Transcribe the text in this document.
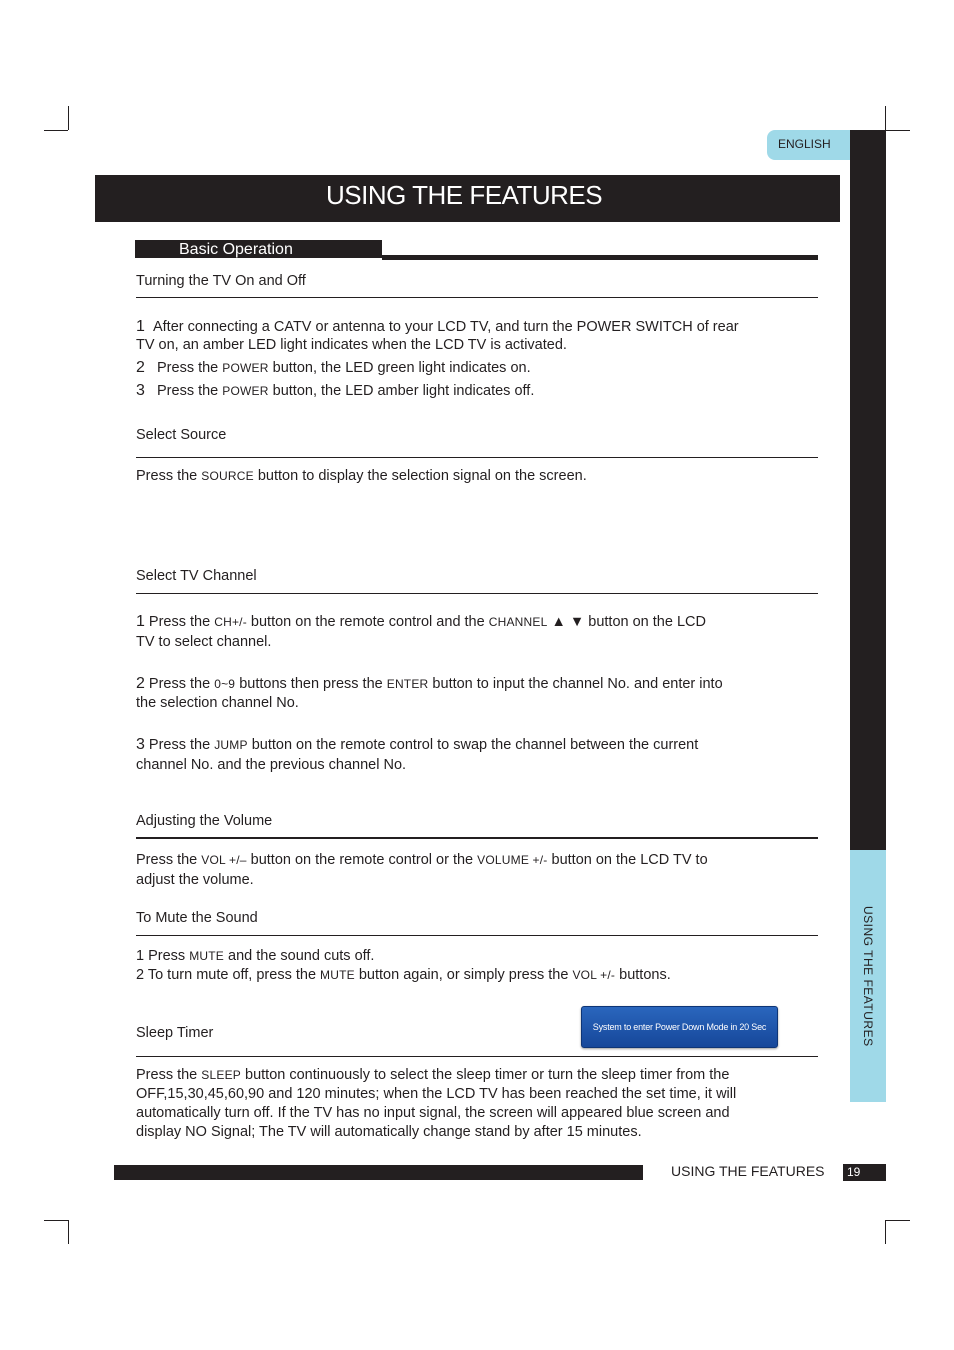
ENGLISH
USING THE FEATURES
USING THE FEATURES
Basic Operation
Turning the TV On and Off
1 After connecting a CATV or antenna to your LCD TV, and turn the POWER SWITCH of rear
TV on, an amber LED light indicates when the LCD TV is activated.
2 Press the POWER button, the LED green light indicates on.
3 Press the POWER button, the LED amber light indicates off.
Select Source
Press the SOURCE button to display the selection signal on the screen.
Select TV Channel
1 Press the CH+/- button on the remote control and the CHANNEL ▲ ▼ button on the LCD
TV to select channel.
2 Press the 0~9 buttons then press the ENTER button to input the channel No. and enter into
the selection channel No.
3 Press the JUMP button on the remote control to swap the channel between the current
channel No. and the previous channel No.
Adjusting the Volume
Press the VOL +/– button on the remote control or the VOLUME +/- button on the LCD TV to
adjust the volume.
To Mute the Sound
1 Press MUTE and the sound cuts off.
2 To turn mute off, press the MUTE button again, or simply press the VOL +/- buttons.
Sleep Timer	System to enter Power Down Mode in 20 Sec
Press the SLEEP button continuously to select the sleep timer or turn the sleep timer from the
OFF,15,30,45,60,90 and 120 minutes; when the LCD TV has been reached the set time, it will
automatically turn off. If the TV has no input signal, the screen will appeared blue screen and
display NO Signal; The TV will automatically change stand by after 15 minutes.
USING THE FEATURES 19
